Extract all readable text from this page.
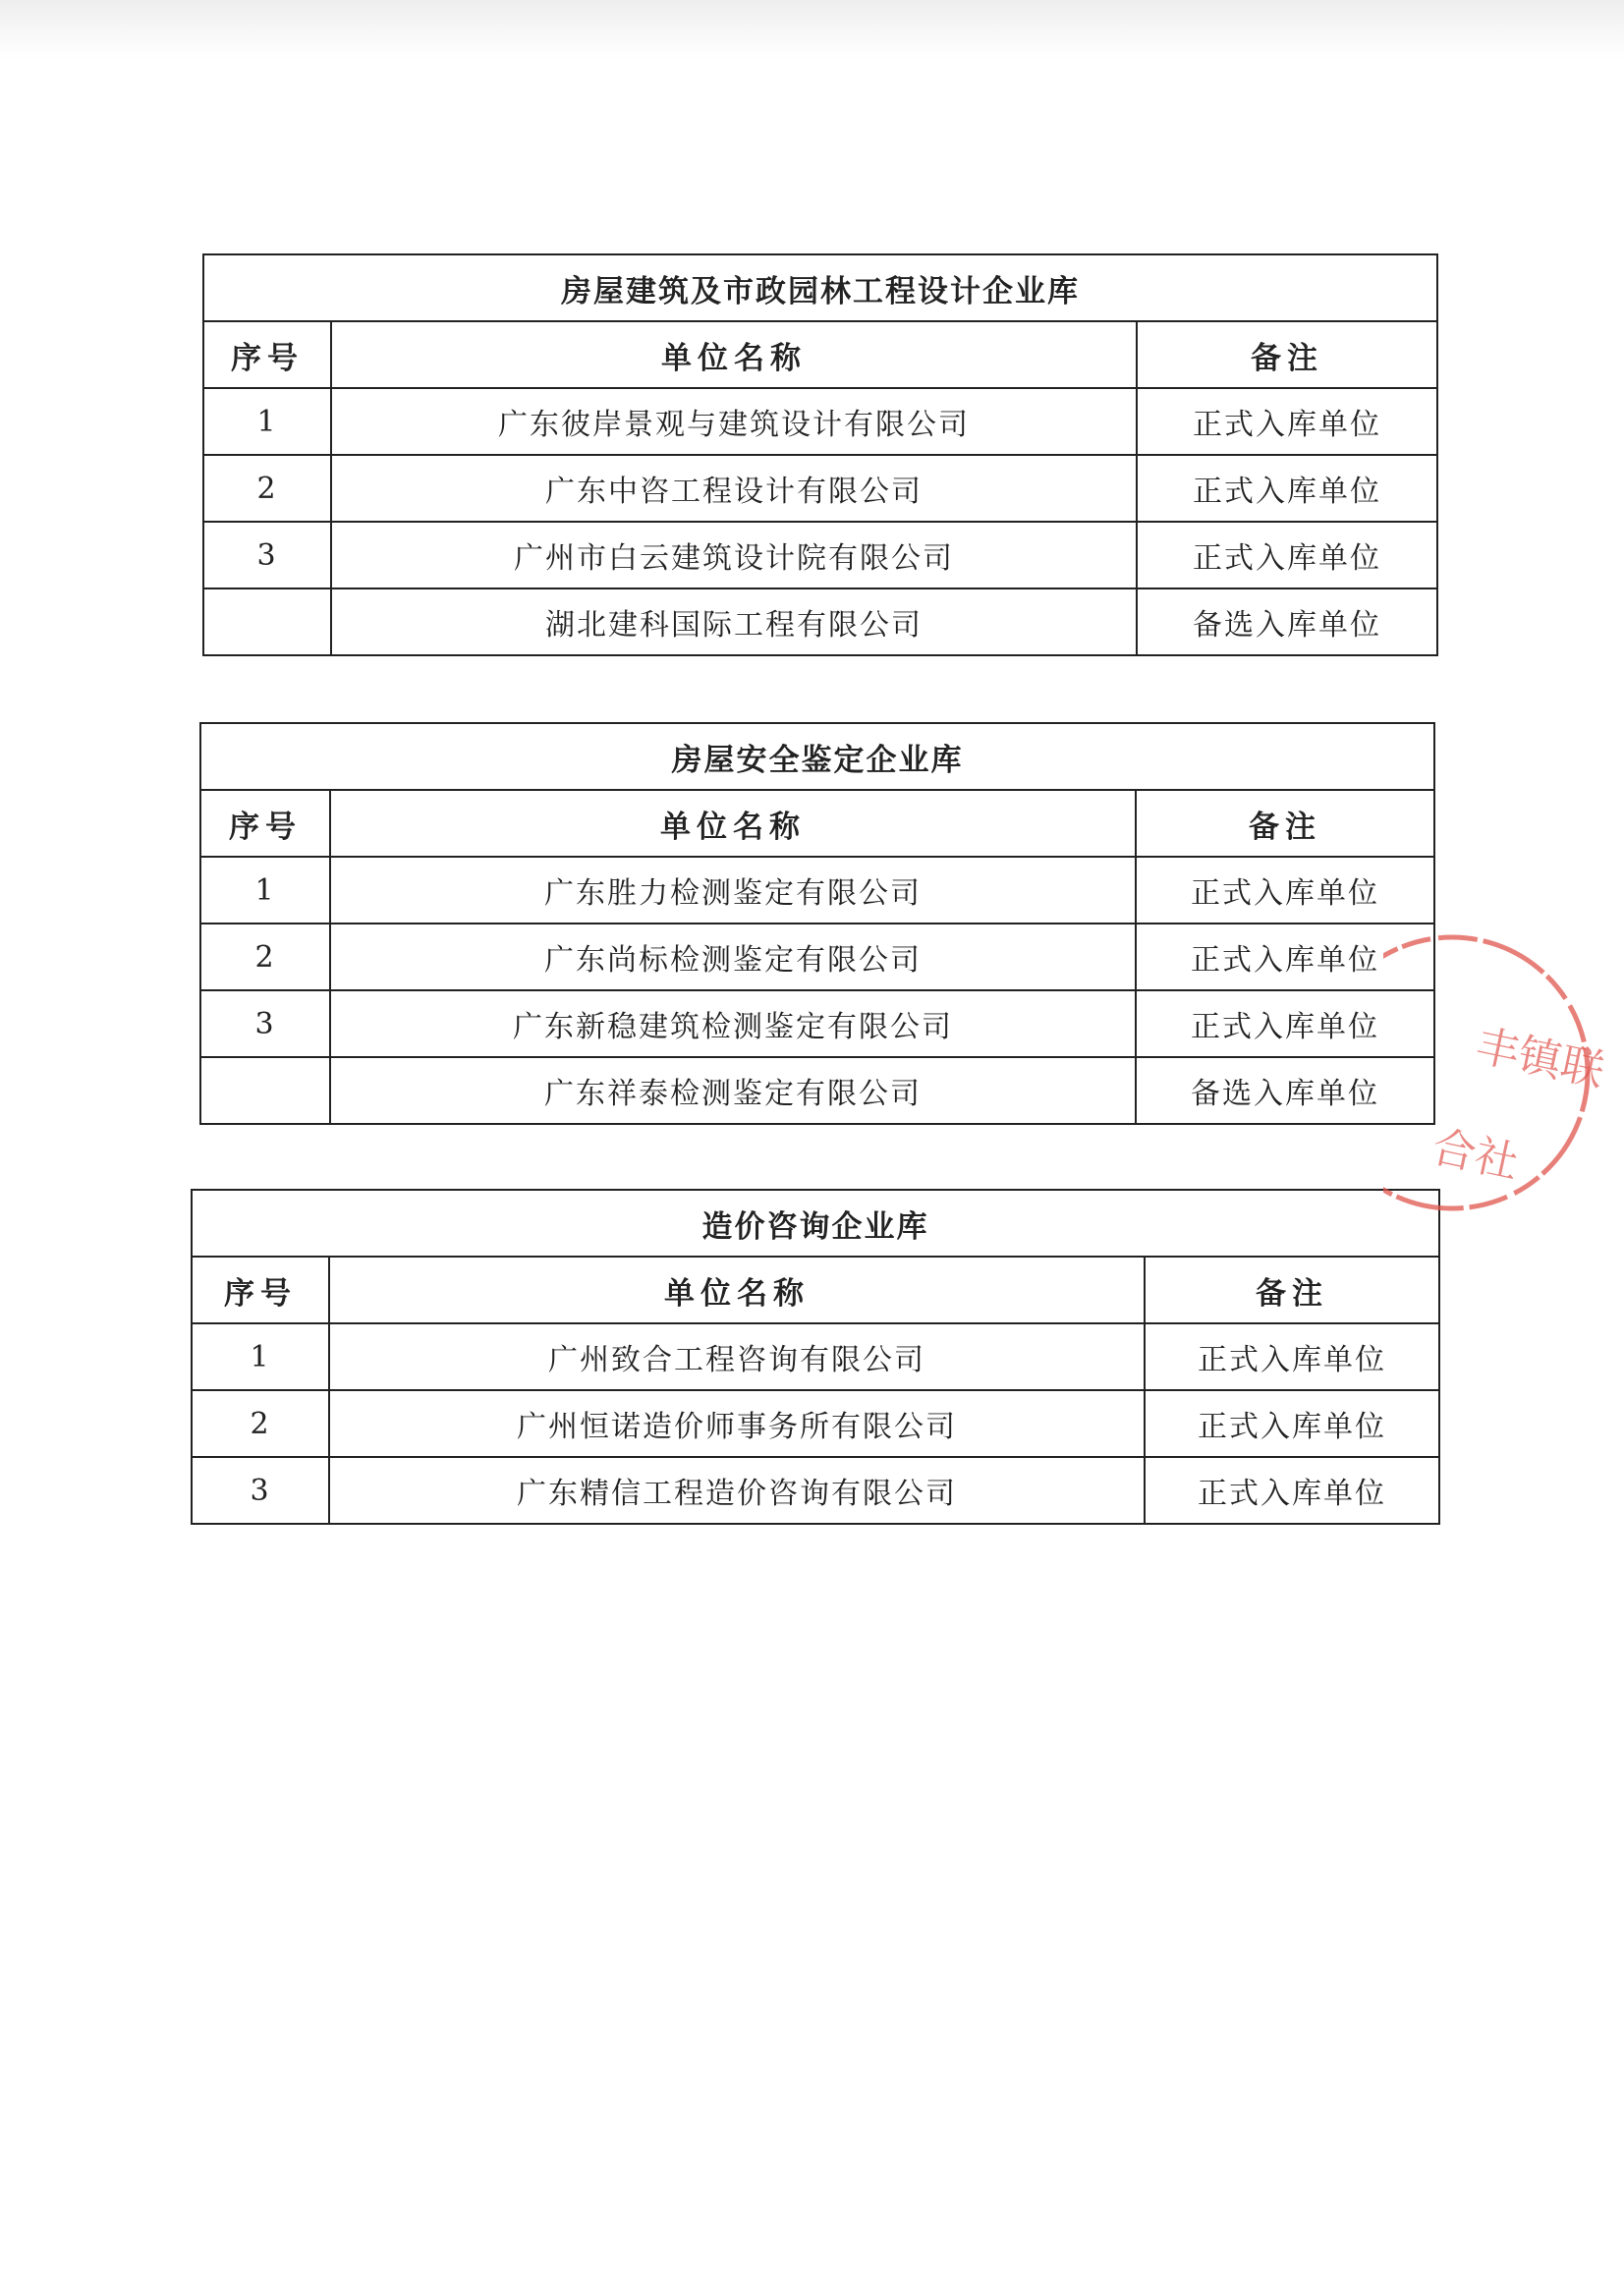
房屋建筑及市政园林工程设计企业库		
序号	单位名称	备注
1	广东彼岸景观与建筑设计有限公司	正式入库单位
2	广东中咨工程设计有限公司	正式入库单位
3	广州市白云建筑设计院有限公司	正式入库单位
	湖北建科国际工程有限公司	备选入库单位
房屋安全鉴定企业库		
序号	单位名称	备注
1	广东胜力检测鉴定有限公司	正式入库单位
2	广东尚标检测鉴定有限公司	正式入库单位
3	广东新稳建筑检测鉴定有限公司	正式入库单位
	广东祥泰检测鉴定有限公司	备选入库单位
造价咨询企业库		
序号	单位名称	备注
1	广州致合工程咨询有限公司	正式入库单位
2	广州恒诺造价师事务所有限公司	正式入库单位
3	广东精信工程造价咨询有限公司	正式入库单位
丰镇联合社
